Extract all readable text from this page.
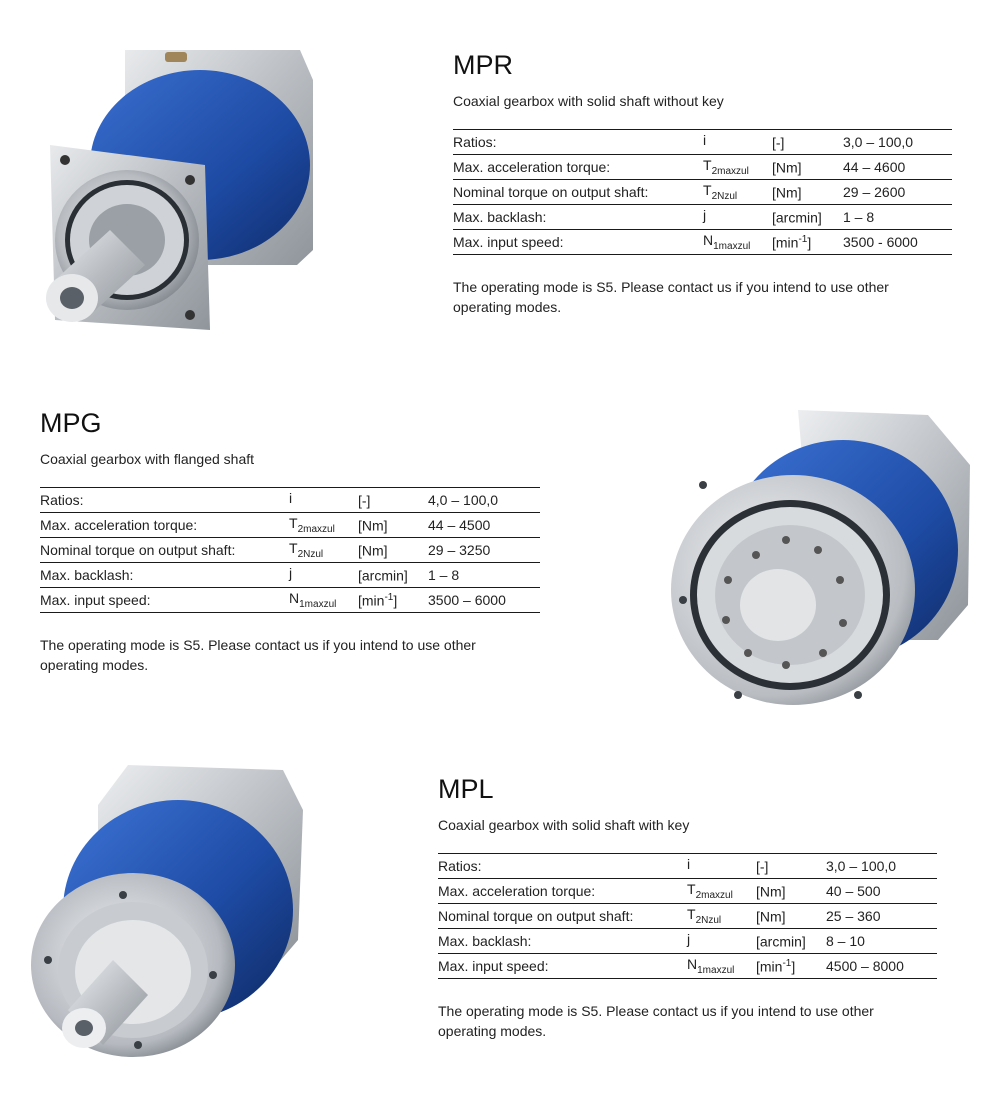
MPR
Coaxial gearbox with solid shaft without key
Ratios:	i	[-]	3,0 – 100,0
Max. acceleration torque:	$T_{2maxzul}$	[Nm]	44 – 4600
Nominal torque on output shaft:	$T_{2Nzul}$	[Nm]	29 – 2600
Max. backlash:	j	[arcmin]	1 – 8
Max. input speed:	$N_{1maxzul}$	$[\min^{-1}]$	3500 - 6000
The operating mode is S5. Please contact us if you intend to use other operating modes.
MPG
Coaxial gearbox with flanged shaft
Ratios:	i	[-]	4,0 – 100,0
Max. acceleration torque:	$T_{2maxzul}$	[Nm]	44 – 4500
Nominal torque on output shaft:	$T_{2Nzul}$	[Nm]	29 – 3250
Max. backlash:	j	[arcmin]	1 – 8
Max. input speed:	$N_{1maxzul}$	$[\min^{-1}]$	3500 – 6000
The operating mode is S5. Please contact us if you intend to use other operating modes.
MPL
Coaxial gearbox with solid shaft with key
Ratios:	i	[-]	3,0 – 100,0
Max. acceleration torque:	$T_{2maxzul}$	[Nm]	40 – 500
Nominal torque on output shaft:	$T_{2Nzul}$	[Nm]	25 – 360
Max. backlash:	j	[arcmin]	8 – 10
Max. input speed:	$N_{1maxzul}$	$[\min^{-1}]$	4500 – 8000
The operating mode is S5. Please contact us if you intend to use other operating modes.
